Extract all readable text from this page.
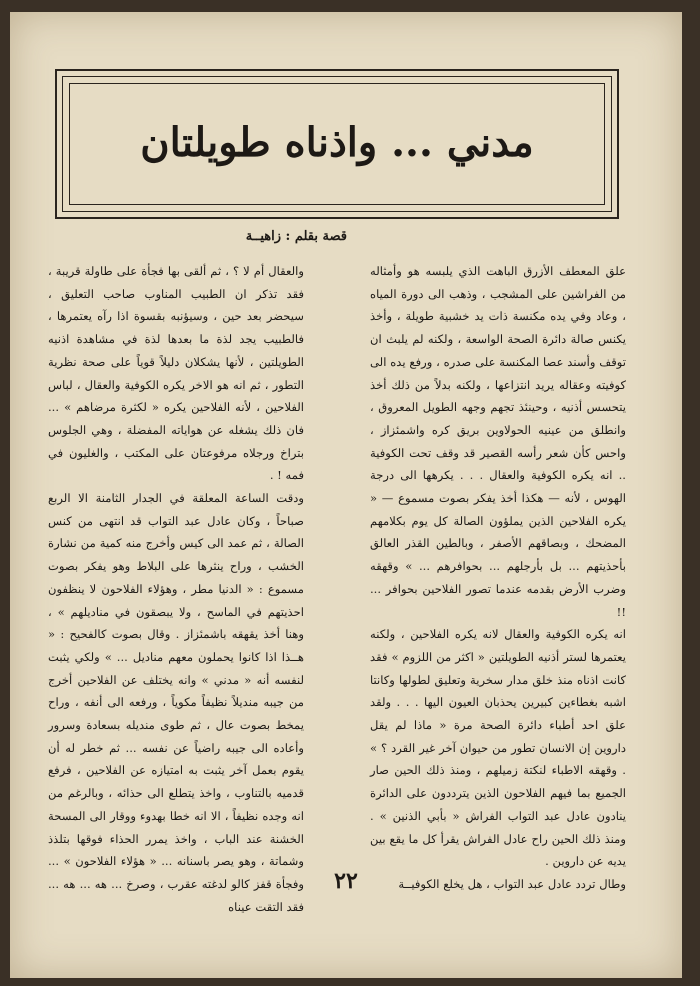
مدني ... واذناه طويلتان
قصة بقلم : زاهيــة

علق المعطف الأزرق الباهت الذي يلبسه هو وأمثاله من الفراشين على المشجب ، وذهب الى دورة المياه ، وعاد وفي يده مكنسة ذات يد خشبية طويلة ، وأخذ يكنس صالة دائرة الصحة الواسعة ، ولكنه لم يلبث ان توقف وأسند عصا المكنسة على صدره ، ورفع يده الى كوفيته وعقاله يريد انتزاعها ، ولكنه بدلاً من ذلك أخذ يتحسس أذنيه ، وحينئذ تجهم وجهه الطويل المعروق ، وانطلق من عينيه الحولاوين بريق كره واشمئزاز ، واحس كأن شعر رأسه القصير قد وقف تحت الكوفية .. انه يكره الكوفية والعقال . . . يكرهها الى درجة الهوس ، لأنه — هكذا أخذ يفكر بصوت مسموع — « يكره الفلاحين الذين يملؤون الصالة كل يوم بكلامهم المضحك ، وبصاقهم الأصفر ، وبالطين القذر العالق بأحذيتهم ... بل بأرجلهم ... بحوافرهم ... » وقهقه وضرب الأرض بقدمه عندما تصور الفلاحين بحوافر ... !!

انه يكره الكوفية والعقال لانه يكره الفلاحين ، ولكنه يعتمرها لستر أذنيه الطويلتين « اكثر من اللزوم » فقد كانت اذناه منذ خلق مدار سخرية وتعليق لطولها وكانتا اشبه بغطاءين كبيرين يحذبان العيون اليها . . . ولقد علق احد أطباء دائرة الصحة مرة « ماذا لم يقل داروين إن الانسان تطور من حيوان آخر غير القرد ؟ » . وقهقه الاطباء لنكتة زميلهم ، ومنذ ذلك الحين صار الجميع بما فيهم الفلاحون الذين يترددون على الدائرة ينادون عادل عبد التواب الفراش « بأبي الذنين » . ومنذ ذلك الحين راح عادل الفراش يقرأ كل ما يقع بين يديه عن داروين .

وطال تردد عادل عبد التواب ، هل يخلع الكوفيــة

والعقال أم لا ؟ ، ثم ألقى بها فجأة على طاولة قريبة ، فقد تذكر ان الطبيب المناوب صاحب التعليق ، سيحضر بعد حين ، وسيؤنبه بقسوة اذا رآه يعتمرها ، فالطبيب يجد لذة ما بعدها لذة في مشاهدة اذنيه الطويلتين ، لأنها يشكلان دليلاً قوياً على صحة نظرية التطور ، ثم انه هو الاخر يكره الكوفية والعقال ، لباس الفلاحين ، لأنه الفلاحين يكره « لكثرة مرضاهم » ... فان ذلك يشغله عن هواياته المفضلة ، وهي الجلوس بتراخ ورجلاه مرفوعتان على المكتب ، والغليون في فمه ! .

ودقت الساعة المعلقة في الجدار الثامنة الا الربع صباحاً ، وكان عادل عبد التواب قد انتهى من كنس الصالة ، ثم عمد الى كيس وأخرج منه كمية من نشارة الخشب ، وراح ينثرها على البلاط وهو يفكر بصوت مسموع : « الدنيا مطر ، وهؤلاء الفلاحون لا ينظفون احذيتهم في الماسح ، ولا يبصقون في مناديلهم » ، وهنا أخذ يقهقه باشمئزاز . وقال بصوت كالفحيح : « هــذا اذا كانوا يحملون معهم مناديل ... » ولكي يثبت لنفسه أنه « مدني » وانه يختلف عن الفلاحين أخرج من جيبه منديلاً نظيفاً مكوياً ، ورفعه الى أنفه ، وراح يمخط بصوت عال ، ثم طوى منديله بسعادة وسرور وأعاده الى جيبه راضياً عن نفسه ... ثم خطر له أن يقوم بعمل آخر يثبت به امتيازه عن الفلاحين ، فرفع قدميه بالتناوب ، واخذ يتطلع الى حذائه ، وبالرغم من انه وجده نظيفاً ، الا انه خطا بهدوء ووقار الى المسحة الخشنة عند الباب ، واخذ يمرر الحذاء فوقها بتلذذ وشماتة ، وهو يصر باسنانه ... « هؤلاء الفلاحون » ... وفجأة قفز كالو لدغته عقرب ، وصرخ ... هه ... هه ... فقد التقت عيناه

٢٢
